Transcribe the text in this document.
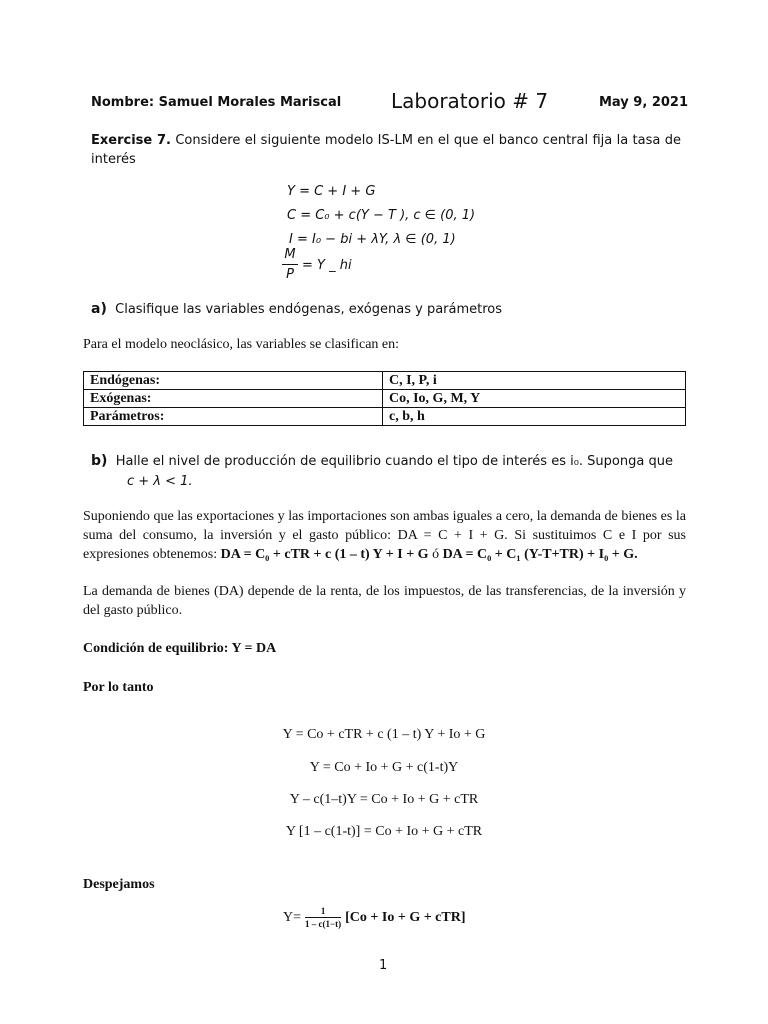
Nombre: Samuel Morales Mariscal Laboratorio # 7	May 9, 2021
Exercise 7. Considere el siguiente modelo IS-LM en el que el banco central fija la tasa de interés
Y = C + I + G
C = C₀ + c(Y − T ), c ∈ (0, 1)
I = I₀ − bi + λY, λ ∈ (0, 1)
M
P
= Y _ hi
a) Clasifique las variables endógenas, exógenas y parámetros
Para el modelo neoclásico, las variables se clasifican en:
Endógenas:	C, I, P, i
Exógenas:	Co, Io, G, M, Y
Parámetros:	c, b, h
b) Halle el nivel de producción de equilibrio cuando el tipo de interés es i₀. Suponga que
c + λ < 1.
Suponiendo que las exportaciones y las importaciones son ambas iguales a cero, la demanda de bienes es la suma del consumo, la inversión y el gasto público: DA = C + I + G. Si sustituimos C e I por sus expresiones obtenemos: DA = C₀ + cTR + c (1 – t) Y + I + G ó DA = C₀ + C₁ (Y-T+TR) + I₀ + G.
La demanda de bienes (DA) depende de la renta, de los impuestos, de las transferencias, de la inversión y del gasto público.
Condición de equilibrio: Y = DA
Por lo tanto
Y = Co + cTR + c (1 – t) Y + Io + G
Y = Co + Io + G + c(1-t)Y
Y – c(1–t)Y = Co + Io + G + cTR
Y [1 – c(1-t)] = Co + Io + G + cTR
Despejamos
Y= 1
1 – c(1−t) [Co + Io + G + cTR]
1
